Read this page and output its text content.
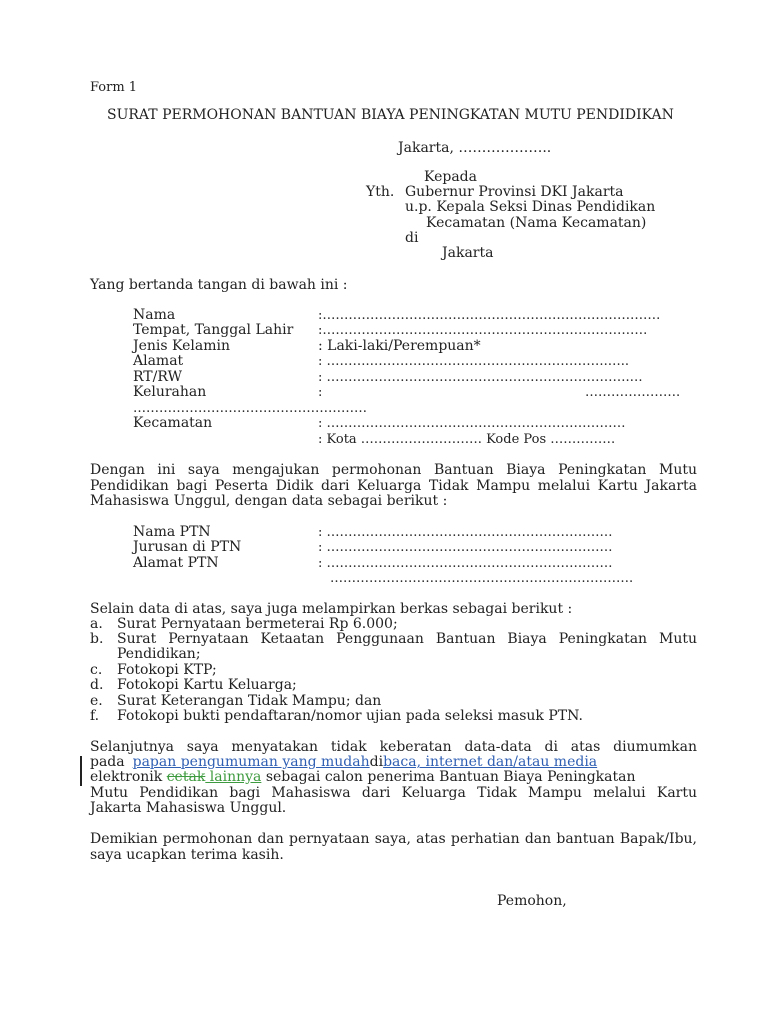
Form 1
SURAT PERMOHONAN BANTUAN BIAYA PENINGKATAN MUTU PENDIDIKAN
Jakarta, ………………..
Kepada
Yth. Gubernur Provinsi DKI Jakarta
u.p. Kepala Seksi Dinas Pendidikan
Kecamatan (Nama Kecamatan)
di
Jakarta
Yang bertanda tangan di bawah ini :
Nama	:……………………………………………………………………
Tempat, Tanggal Lahir :…………………………………………………………………
Jenis Kelamin	: Laki-laki/Perempuan*
Alamat	: ……….……………………………………………….…..
RT/RW	: …………………………………………………………….…
Kelurahan	:	………………….
………………………………………………
Kecamatan	: ……………………………………………………………
: Kota ………………………. Kode Pos ……………
Dengan ini saya mengajukan permohonan Bantuan Biaya Peningkatan Mutu Pendidikan bagi Peserta Didik dari Keluarga Tidak Mampu melalui Kartu Jakarta Mahasiswa Unggul, dengan data sebagai berikut :
Nama PTN	: …………………………………………………………
Jurusan di PTN	: …………………………………………………………
Alamat PTN	: …………………………………………………………
…………………………………………………………….
Selain data di atas, saya juga melampirkan berkas sebagai berikut :
a. Surat Pernyataan bermeterai Rp 6.000;
b. Surat Pernyataan Ketaatan Penggunaan Bantuan Biaya Peningkatan Mutu
Pendidikan;
c. Fotokopi KTP;
d. Fotokopi Kartu Keluarga;
e. Surat Keterangan Tidak Mampu; dan
f. Fotokopi bukti pendaftaran/nomor ujian pada seleksi masuk PTN.
Selanjutnya saya menyatakan tidak keberatan data-data di atas diumumkan
pada papan pengumuman yang mudahdibaca, internet dan/atau media
elektronik cetak lainnya sebagai calon penerima Bantuan Biaya Peningkatan
Mutu Pendidikan bagi Mahasiswa dari Keluarga Tidak Mampu melalui Kartu
Jakarta Mahasiswa Unggul.
Demikian permohonan dan pernyataan saya, atas perhatian dan bantuan Bapak/Ibu, saya ucapkan terima kasih.
Pemohon,
